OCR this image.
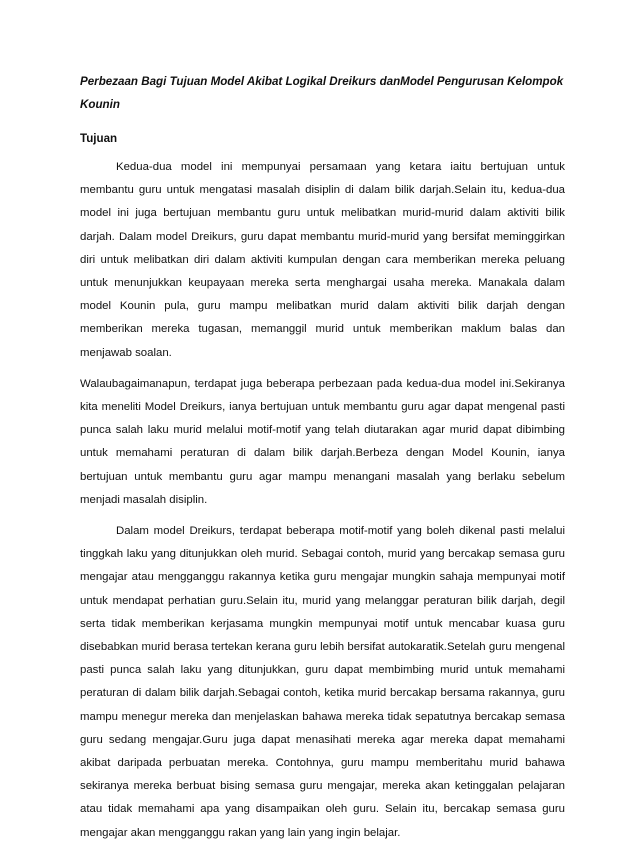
Perbezaan Bagi Tujuan Model Akibat Logikal Dreikurs danModel Pengurusan Kelompok Kounin

Tujuan

Kedua-dua model ini mempunyai persamaan yang ketara iaitu bertujuan untuk membantu guru untuk mengatasi masalah disiplin di dalam bilik darjah.Selain itu, kedua-dua model ini juga bertujuan membantu guru untuk melibatkan murid-murid dalam aktiviti bilik darjah. Dalam model Dreikurs, guru dapat membantu murid-murid yang bersifat meminggirkan diri untuk melibatkan diri dalam aktiviti kumpulan dengan cara memberikan mereka peluang untuk menunjukkan keupayaan mereka serta menghargai usaha mereka. Manakala dalam model Kounin pula, guru mampu melibatkan murid dalam aktiviti bilik darjah dengan memberikan mereka tugasan, memanggil murid untuk memberikan maklum balas dan menjawab soalan.

Walaubagaimanapun, terdapat juga beberapa perbezaan pada kedua-dua model ini.Sekiranya kita meneliti Model Dreikurs, ianya bertujuan untuk membantu guru agar dapat mengenal pasti punca salah laku murid melalui motif-motif yang telah diutarakan agar murid dapat dibimbing untuk memahami peraturan di dalam bilik darjah.Berbeza dengan Model Kounin, ianya bertujuan untuk membantu guru agar mampu menangani masalah yang berlaku sebelum menjadi masalah disiplin.

Dalam model Dreikurs, terdapat beberapa motif-motif yang boleh dikenal pasti melalui tinggkah laku yang ditunjukkan oleh murid. Sebagai contoh, murid yang bercakap semasa guru mengajar atau mengganggu rakannya ketika guru mengajar mungkin sahaja mempunyai motif untuk mendapat perhatian guru.Selain itu, murid yang melanggar peraturan bilik darjah, degil serta tidak memberikan kerjasama mungkin mempunyai motif untuk mencabar kuasa guru disebabkan murid berasa tertekan kerana guru lebih bersifat autokaratik.Setelah guru mengenal pasti punca salah laku yang ditunjukkan, guru dapat membimbing murid untuk memahami peraturan di dalam bilik darjah.Sebagai contoh, ketika murid bercakap bersama rakannya, guru mampu menegur mereka dan menjelaskan bahawa mereka tidak sepatutnya bercakap semasa guru sedang mengajar.Guru juga dapat menasihati mereka agar mereka dapat memahami akibat daripada perbuatan mereka. Contohnya, guru mampu memberitahu murid bahawa sekiranya mereka berbuat bising semasa guru mengajar, mereka akan ketinggalan pelajaran atau tidak memahami apa yang disampaikan oleh guru. Selain itu, bercakap semasa guru mengajar akan mengganggu rakan yang lain yang ingin belajar.
